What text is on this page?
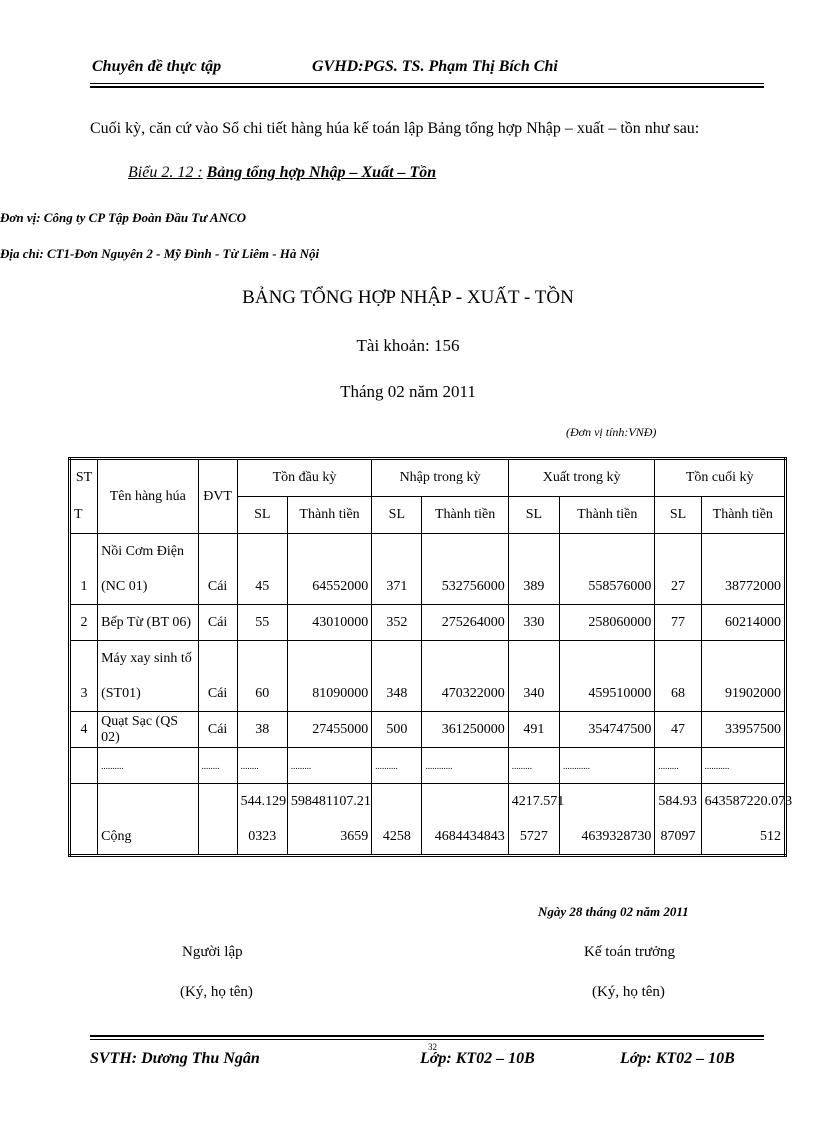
Chuyên đề thực tập	GVHD:PGS. TS. Phạm Thị Bích Chi
Cuối kỳ, căn cứ vào Sổ chi tiết hàng húa kế toán lập Bảng tổng hợp Nhập – xuất – tồn như sau:
Biểu 2. 12 : Bảng tổng hợp Nhập – Xuất – Tồn
Đơn vị: Công ty CP Tập Đoàn Đầu Tư ANCO
Địa chỉ: CT1-Đơn Nguyên 2 - Mỹ Đình - Từ Liêm - Hà Nội
BẢNG TỔNG HỢP NHẬP - XUẤT - TỒN
Tài khoản: 156
Tháng 02 năm 2011
(Đơn vị tính:VNĐ)
ST	Tên hàng húa	ĐVT	Tồn đầu kỳ		Nhập trong kỳ		Xuất trong kỳ		Tồn cuối kỳ	
T			SL	Thành tiền	SL	Thành tiền	SL	Thành tiền	SL	Thành tiền
	Nồi Cơm Điện									
1	(NC 01)	Cái	45	64552000	371	532756000	389	558576000	27	38772000
2	Bếp Từ (BT 06)	Cái	55	43010000	352	275264000	330	258060000	77	60214000
	Máy xay sinh tố									
3	(ST01)	Cái	60	81090000	348	470322000	340	459510000	68	91902000
4	Quạt Sạc (QS 02)	Cái	38	27455000	500	361250000	491	354747500	47	33957500
	..........	........	........	.........	..........	............	.........	............	.........	...........
			544.129	598481107.21			4217.571		584.93	643587220.073
	Cộng		0323	3659	4258	4684434843	5727	4639328730	87097	512
Ngày 28 tháng 02 năm 2011
Người lập
(Ký, họ tên)
Kế toán trưởng
(Ký, họ tên)
SVTH: Dương Thu Ngân
32
Lớp: KT02 – 10B	Lớp: KT02 – 10B
